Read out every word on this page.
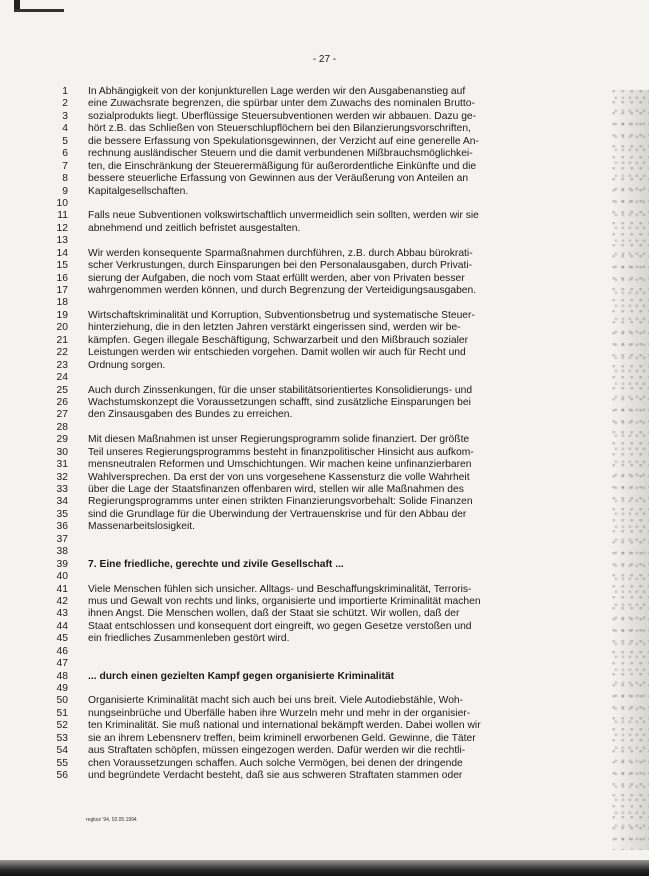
- 27 -
1 In Abhängigkeit von der konjunkturellen Lage werden wir den Ausgabenanstieg auf
2 eine Zuwachsrate begrenzen, die spürbar unter dem Zuwachs des nominalen Brutto-
3 sozialprodukts liegt. Überflüssige Steuersubventionen werden wir abbauen. Dazu ge-
4 hört z.B. das Schließen von Steuerschlupflöchern bei den Bilanzierungsvorschriften,
5 die bessere Erfassung von Spekulationsgewinnen, der Verzicht auf eine generelle An-
6 rechnung ausländischer Steuern und die damit verbundenen Mißbrauchsmöglichkei-
7 ten, die Einschränkung der Steuerermäßigung für außerordentliche Einkünfte und die
8 bessere steuerliche Erfassung von Gewinnen aus der Veräußerung von Anteilen an
9 Kapitalgesellschaften.
10
11 Falls neue Subventionen volkswirtschaftlich unvermeidlich sein sollten, werden wir sie
12 abnehmend und zeitlich befristet ausgestalten.
13
14 Wir werden konsequente Sparmaßnahmen durchführen, z.B. durch Abbau bürokrati-
15 scher Verkrustungen, durch Einsparungen bei den Personalausgaben, durch Privati-
16 sierung der Aufgaben, die noch vom Staat erfüllt werden, aber von Privaten besser
17 wahrgenommen werden können, und durch Begrenzung der Verteidigungsausgaben.
18
19 Wirtschaftskriminalität und Korruption, Subventionsbetrug und systematische Steuer-
20 hinterziehung, die in den letzten Jahren verstärkt eingerissen sind, werden wir be-
21 kämpfen. Gegen illegale Beschäftigung, Schwarzarbeit und den Mißbrauch sozialer
22 Leistungen werden wir entschieden vorgehen. Damit wollen wir auch für Recht und
23 Ordnung sorgen.
24
25 Auch durch Zinssenkungen, für die unser stabilitätsorientiertes Konsolidierungs- und
26 Wachstumskonzept die Voraussetzungen schafft, sind zusätzliche Einsparungen bei
27 den Zinsausgaben des Bundes zu erreichen.
28
29 Mit diesen Maßnahmen ist unser Regierungsprogramm solide finanziert. Der größte
30 Teil unseres Regierungsprogramms besteht in finanzpolitischer Hinsicht aus aufkom-
31 mensneutralen Reformen und Umschichtungen. Wir machen keine unfinanzierbaren
32 Wahlversprechen. Da erst der von uns vorgesehene Kassensturz die volle Wahrheit
33 über die Lage der Staatsfinanzen offenbaren wird, stellen wir alle Maßnahmen des
34 Regierungsprogramms unter einen strikten Finanzierungsvorbehalt: Solide Finanzen
35 sind die Grundlage für die Überwindung der Vertrauenskrise und für den Abbau der
36 Massenarbeitslosigkeit.
37
38
39 7. Eine friedliche, gerechte und zivile Gesellschaft ...
40
41 Viele Menschen fühlen sich unsicher. Alltags- und Beschaffungskriminalität, Terroris-
42 mus und Gewalt von rechts und links, organisierte und importierte Kriminalität machen
43 ihnen Angst. Die Menschen wollen, daß der Staat sie schützt. Wir wollen, daß der
44 Staat entschlossen und konsequent dort eingreift, wo gegen Gesetze verstoßen und
45 ein friedliches Zusammenleben gestört wird.
46
47
48 ... durch einen gezielten Kampf gegen organisierte Kriminalität
49
50 Organisierte Kriminalität macht sich auch bei uns breit. Viele Autodiebstähle, Woh-
51 nungseinbrüche und Überfälle haben ihre Wurzeln mehr und mehr in der organisier-
52 ten Kriminalität. Sie muß national und international bekämpft werden. Dabei wollen wir
53 sie an ihrem Lebensnerv treffen, beim kriminell erworbenen Geld. Gewinne, die Täter
54 aus Straftaten schöpfen, müssen eingezogen werden. Dafür werden wir die rechtli-
55 chen Voraussetzungen schaffen. Auch solche Vermögen, bei denen der dringende
56 und begründete Verdacht besteht, daß sie aus schweren Straftaten stammen oder
regkoz '94, 02.05.1994
